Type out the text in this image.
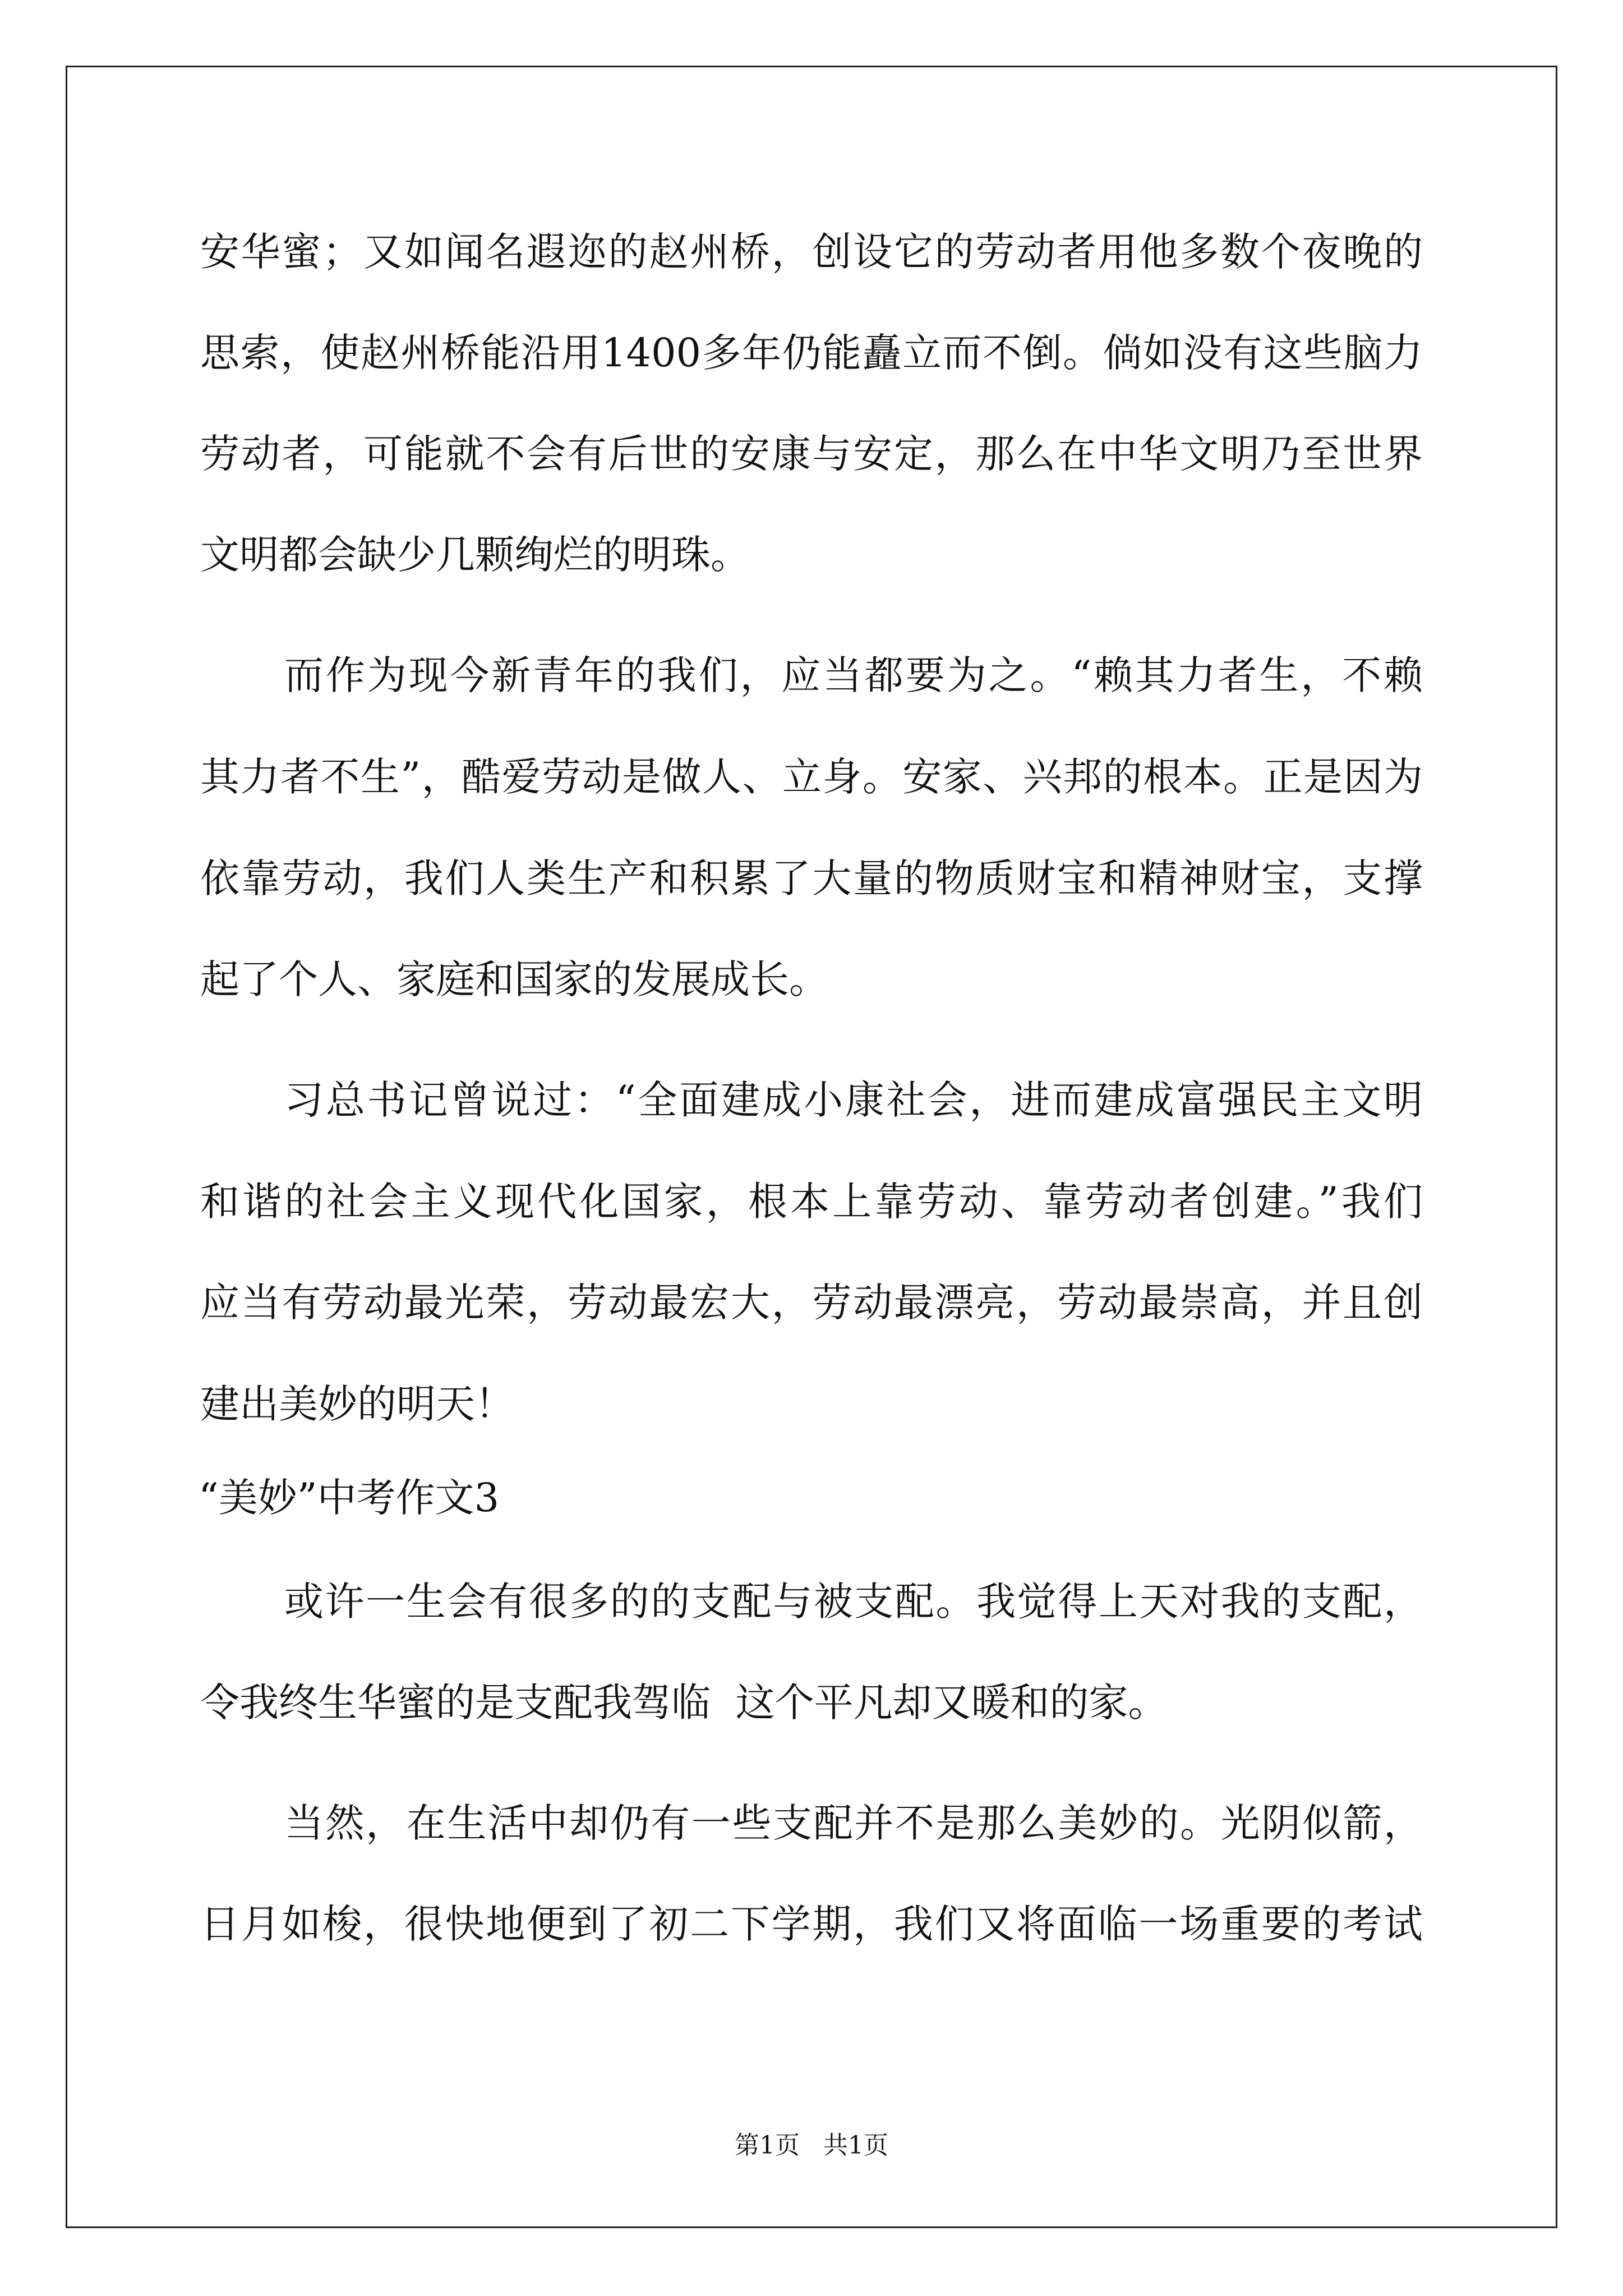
安华蜜；又如闻名遐迩的赵州桥，创设它的劳动者用他多数个夜晚的
思索，使赵州桥能沿用1400多年仍能矗立而不倒。倘如没有这些脑力
劳动者，可能就不会有后世的安康与安定，那么在中华文明乃至世界
文明都会缺少几颗绚烂的明珠。
而作为现今新青年的我们，应当都要为之。“赖其力者生，不赖
其力者不生”，酷爱劳动是做人、立身。安家、兴邦的根本。正是因为
依靠劳动，我们人类生产和积累了大量的物质财宝和精神财宝，支撑
起了个人、家庭和国家的发展成长。
习总书记曾说过：“全面建成小康社会，进而建成富强民主文明
和谐的社会主义现代化国家，根本上靠劳动、靠劳动者创建。”我们
应当有劳动最光荣，劳动最宏大，劳动最漂亮，劳动最崇高，并且创
建出美妙的明天！
“美妙”中考作文3
或许一生会有很多的的支配与被支配。我觉得上天对我的支配，
令我终生华蜜的是支配我驾临  这个平凡却又暖和的家。
当然，在生活中却仍有一些支配并不是那么美妙的。光阴似箭，
日月如梭，很快地便到了初二下学期，我们又将面临一场重要的考试
第1页   共1页
